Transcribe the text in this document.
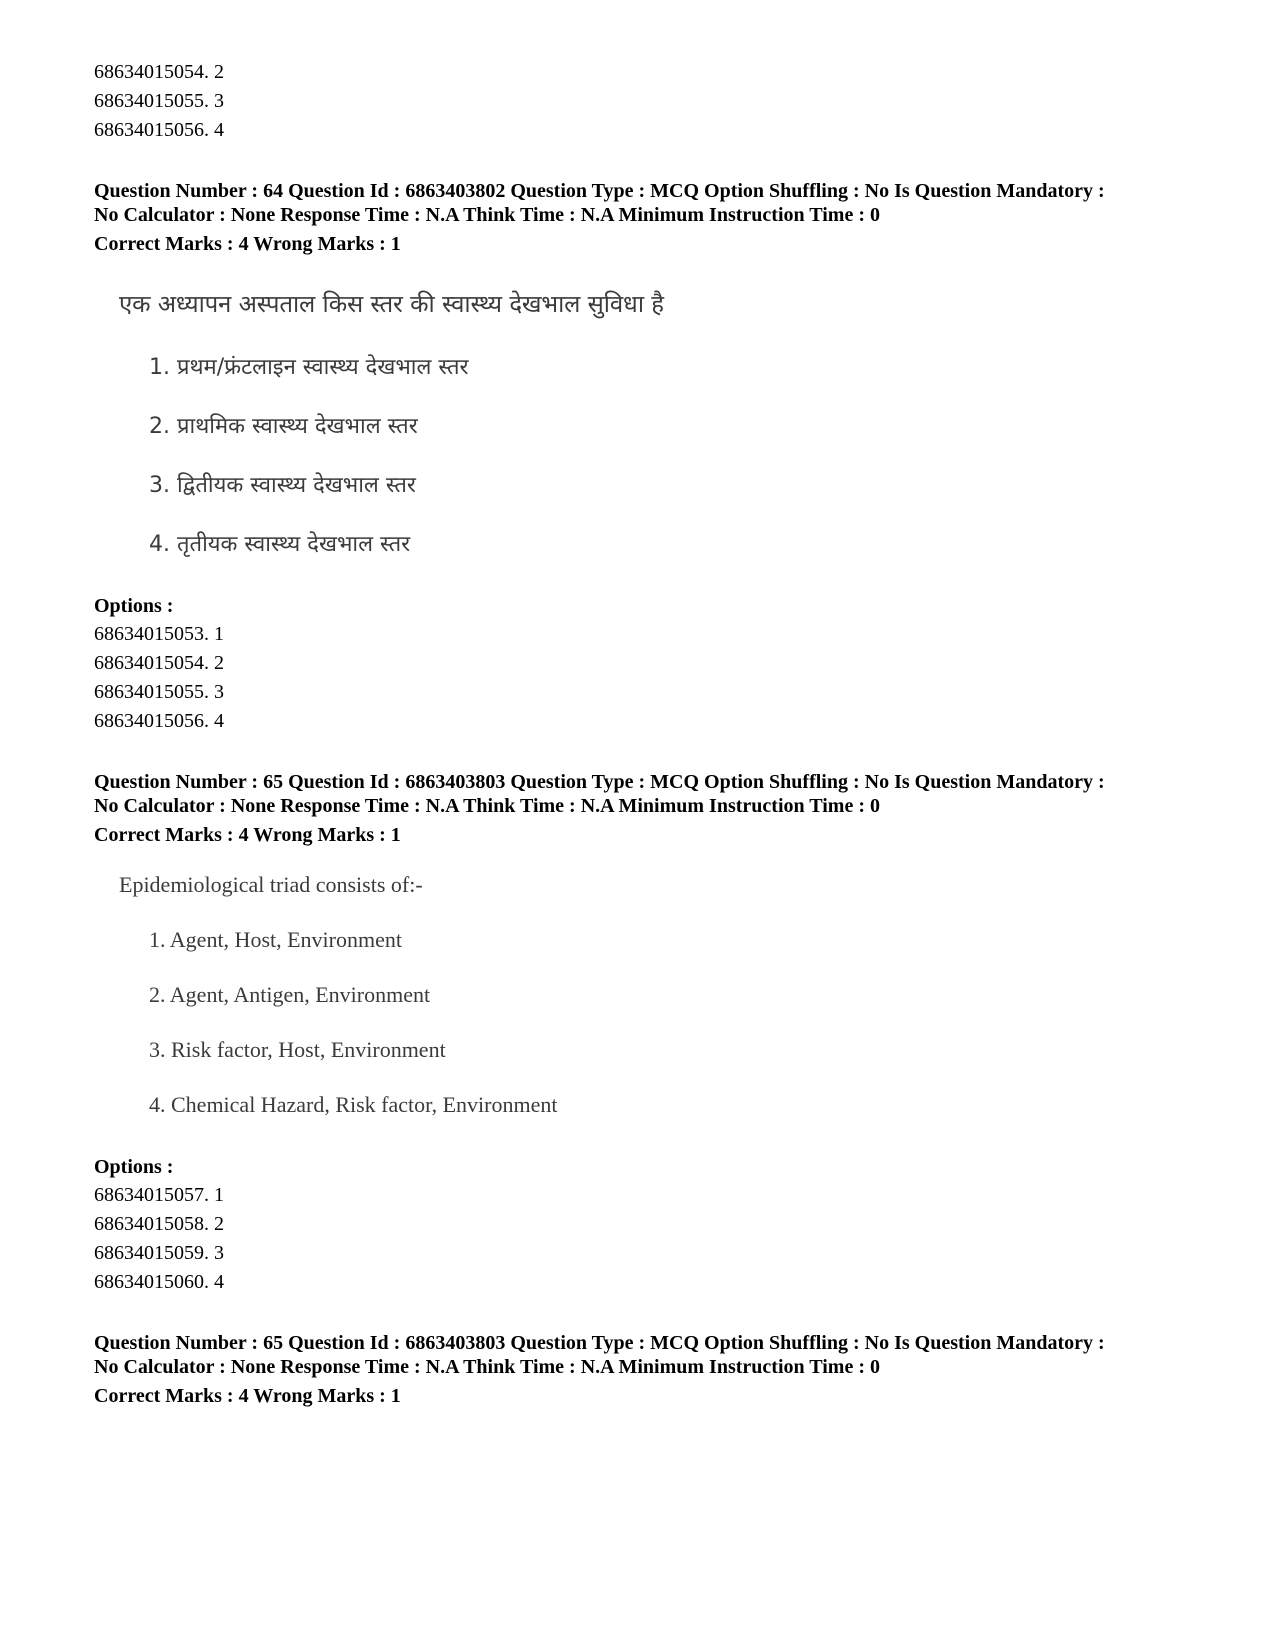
68634015054. 2
68634015055. 3
68634015056. 4
Question Number : 64 Question Id : 6863403802 Question Type : MCQ Option Shuffling : No Is Question Mandatory :
No Calculator : None Response Time : N.A Think Time : N.A Minimum Instruction Time : 0
Correct Marks : 4 Wrong Marks : 1
एक अध्यापन अस्पताल किस स्तर की स्वास्थ्य देखभाल सुविधा है
1. प्रथम/फ्रंटलाइन स्वास्थ्य देखभाल स्तर
2. प्राथमिक स्वास्थ्य देखभाल स्तर
3. द्वितीयक स्वास्थ्य देखभाल स्तर
4. तृतीयक स्वास्थ्य देखभाल स्तर
Options :
68634015053. 1
68634015054. 2
68634015055. 3
68634015056. 4
Question Number : 65 Question Id : 6863403803 Question Type : MCQ Option Shuffling : No Is Question Mandatory :
No Calculator : None Response Time : N.A Think Time : N.A Minimum Instruction Time : 0
Correct Marks : 4 Wrong Marks : 1
Epidemiological triad consists of:-
1. Agent, Host, Environment
2. Agent, Antigen, Environment
3. Risk factor, Host, Environment
4. Chemical Hazard, Risk factor, Environment
Options :
68634015057. 1
68634015058. 2
68634015059. 3
68634015060. 4
Question Number : 65 Question Id : 6863403803 Question Type : MCQ Option Shuffling : No Is Question Mandatory :
No Calculator : None Response Time : N.A Think Time : N.A Minimum Instruction Time : 0
Correct Marks : 4 Wrong Marks : 1
